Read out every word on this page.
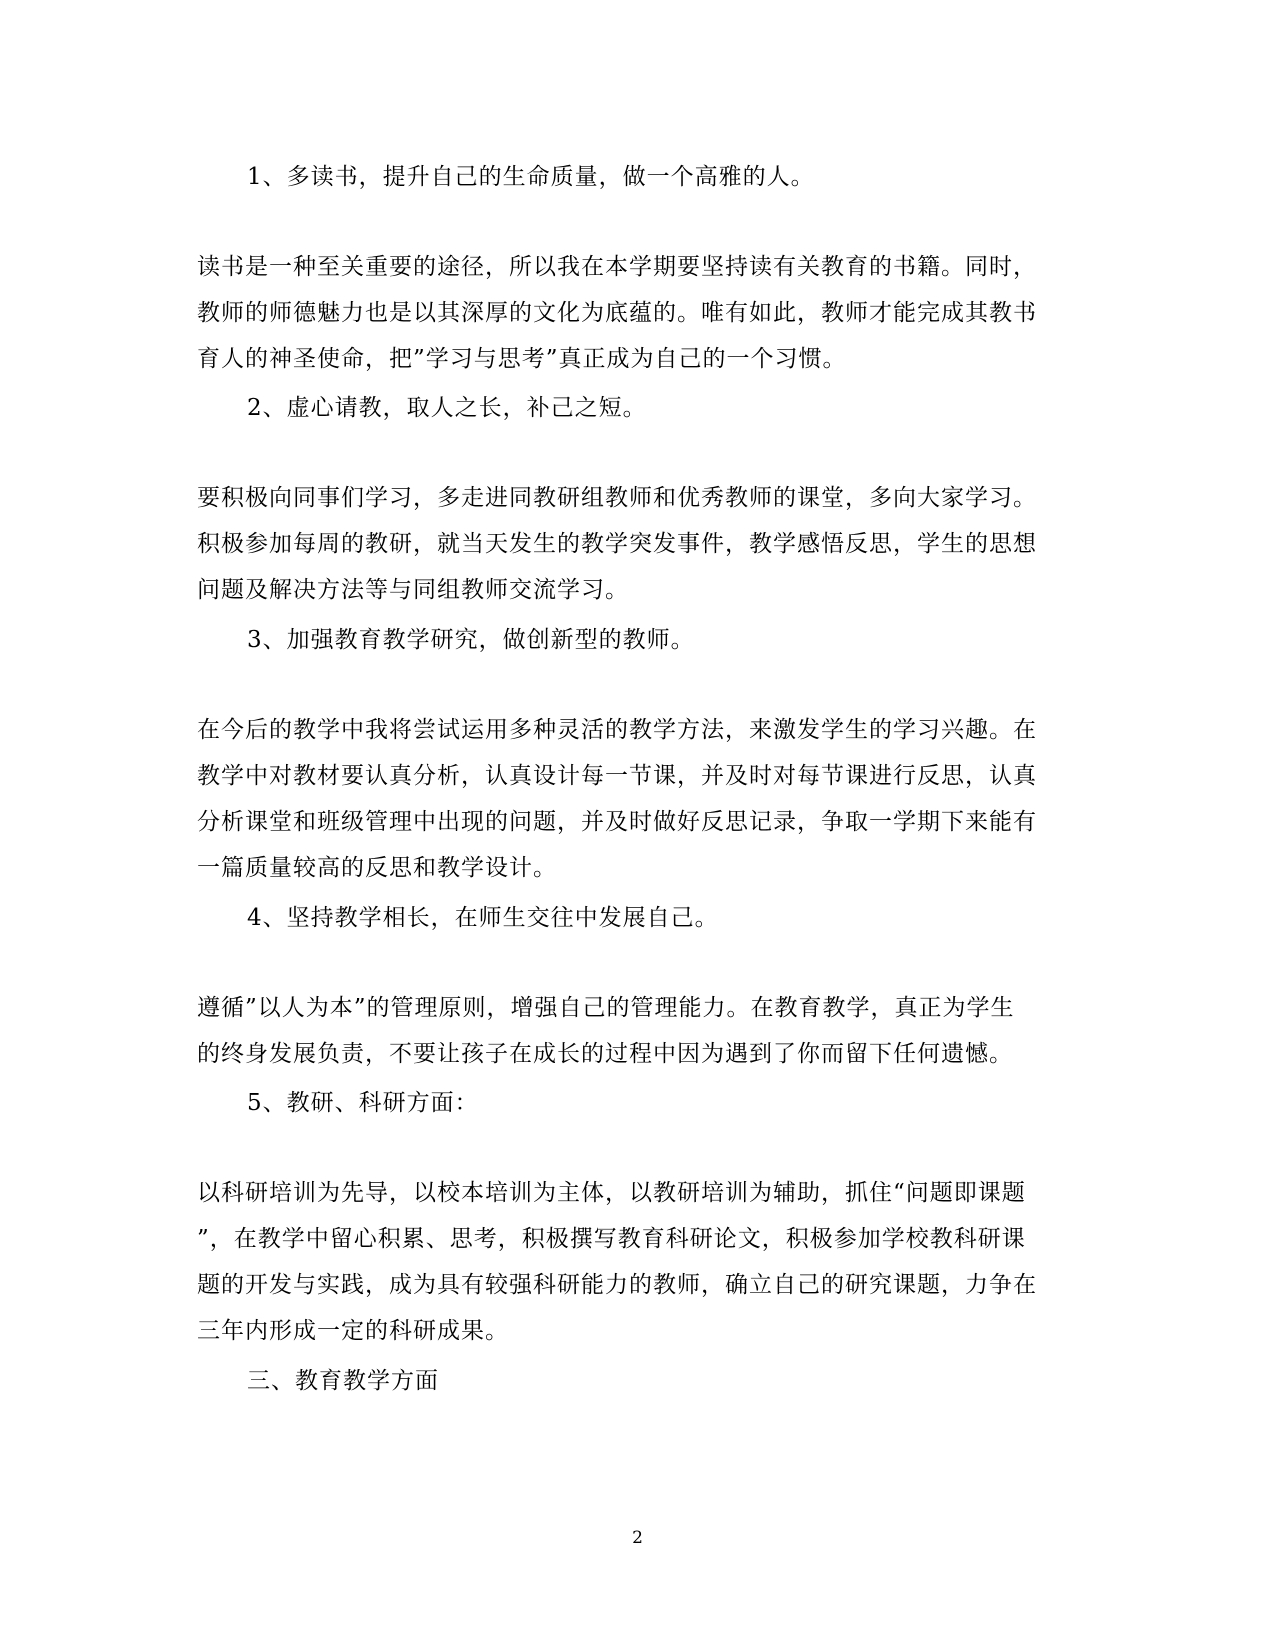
1、多读书，提升自己的生命质量，做一个高雅的人。
读书是一种至关重要的途径，所以我在本学期要坚持读有关教育的书籍。同时，
教师的师德魅力也是以其深厚的文化为底蕴的。唯有如此，教师才能完成其教书
育人的神圣使命，把”学习与思考”真正成为自己的一个习惯。
2、虚心请教，取人之长，补己之短。
要积极向同事们学习，多走进同教研组教师和优秀教师的课堂，多向大家学习。
积极参加每周的教研，就当天发生的教学突发事件，教学感悟反思，学生的思想
问题及解决方法等与同组教师交流学习。
3、加强教育教学研究，做创新型的教师。
在今后的教学中我将尝试运用多种灵活的教学方法，来激发学生的学习兴趣。在
教学中对教材要认真分析，认真设计每一节课，并及时对每节课进行反思，认真
分析课堂和班级管理中出现的问题，并及时做好反思记录，争取一学期下来能有
一篇质量较高的反思和教学设计。
4、坚持教学相长，在师生交往中发展自己。
遵循”以人为本”的管理原则，增强自己的管理能力。在教育教学，真正为学生
的终身发展负责，不要让孩子在成长的过程中因为遇到了你而留下任何遗憾。
5、教研、科研方面：
以科研培训为先导，以校本培训为主体，以教研培训为辅助，抓住“问题即课题
”，在教学中留心积累、思考，积极撰写教育科研论文，积极参加学校教科研课
题的开发与实践，成为具有较强科研能力的教师，确立自己的研究课题，力争在
三年内形成一定的科研成果。
三、教育教学方面
2
